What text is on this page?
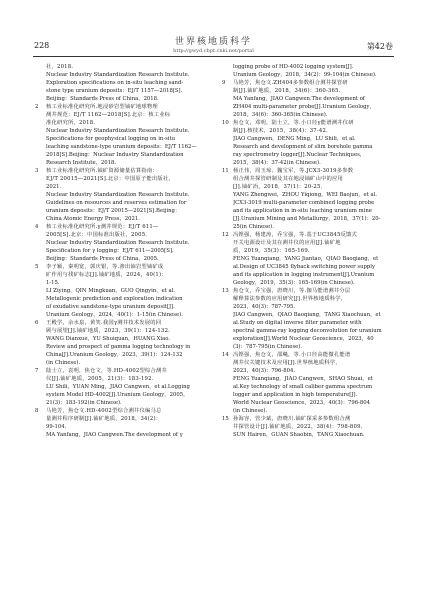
世界核地质科学
228	第42卷
http://gwyd.cbpt.cnki.net/portal
社，2018.
Nuclear Industry Standardization Research Institute.
Exploration specifications on in-situ leaching sand-
stone type uranium deposits：EJ/T 1157—2018[S].
Beijing：Standards Press of China，2018.
2 核工业标准化研究所.地浸砂岩型铀矿地球物理
测井规范：EJ/T 1162—2018[S].北京：核工业标
准化研究所，2018.
Nuclear Industry Standardization Research Institute.
Specifications for geophysical logging on in-situ
leaching sandstone-type uranium deposits：EJ/T 1162—
2018[S].Beijing：Nuclear Industry Standardization
Research Institute，2018.
3 核工业标准化研究所.铀矿资源储量估算指南：
EJ/T 20015—2021[S].北京：中国原子能出版社，
2021.
Nuclear Industry Standardization Research Institute.
Guidelines on resources and reserves estimation for
uranium deposits：EJ/T 20015—2021[S].Beijing：
China Atomic Energy Press，2021.
4 核工业标准化研究所.γ测井规范：EJ/T 611—
2005[S].北京：中国标准出版社，2005.
Nuclear Industry Standardization Research Institute.
Specification for γ logging：EJ/T 611—2005[S].
Beijing：Standards Press of China，2005.
5 李子颖，秦明宽，郭庆银，等.渗出铀岩型铀矿成
矿作用与找矿标志[J].铀矿地质，2024，40(1)：
1-15.
LI Ziying，QIN Mingkuan，GUO Qingyin，et al.
Metallogenic prediction and exploration indication
of exudative sandstone-type uranium deposit[J].
Uranium Geology，2024，40(1)：1-15(in Chinese).
6 王殿学，余水泉，黄笑.我国γ测井技术发展的回
顾与展望[J].铀矿地质，2023，39(1)：124-132.
WANG Dianxue，YU Shuiquan，HUANG Xiao.
Review and prospect of gamma logging technology in
China[J].Uranium Geology，2023，39(1)：124-132
(in Chinese).
7 陆士立，袁明，焦仓文，等.HD-4002型综合测井
仪[J].铀矿地质，2005，21(3)：183-192.
LU Shili，YUAN Ming，JIAO Cangwen，et al.Logging
system Model HD-4002[J].Uranium Geology，2005，
21(3)：183-192(in Chinese).
8 马艳芳，焦仓文.HD-4002型综合测井仪编马总
量测井程序研制[J].铀矿地质，2018，34(2)：
99-104.
MA Yanfang，JIAO Cangwen.The development of γ
logging probe of HD-4002 logging system[J].
Uranium Geology，2018，34(2)：99-104(in Chinese).
9 马艳芳，焦仓文.ZH404多参数组合测井探管研
制[J].铀矿地质，2018，34(6)：360-365.
MA Yanfang，JIAO Cangwen.The development of
ZH404 multi-parameter probe[J].Uranium Geology，
2018，34(6)：360-365(in Chinese).
10 焦仓文，邓明，陆士立，等.小口径γ能谱测井仪研
制[J].核技术，2015，38(4)：37-42.
JIAO Cangwen，DENG Ming，LU Shili，et al.
Research and development of slim borehole gamma
ray spectrometry logger[J].Nuclear Techniques，
2015，38(4)：37-42(in Chinese).
11 杨正伟，周玉琼，魏宝军，等.JCX3-3019多参数
组合测井探管研制及其在地浸铀矿山中的应用
[J].铀矿冶，2018，37(1)：20-25.
YANG Zhengwei，ZHOU Yiqiong，WEI Baojun，et al.
JCX3-3019 multi-parameter combined logging probe
and its application in in-situ leaching uranium mine
[J].Uranium Mining and Metallurgy，2018，37(1)：20-
25(in Chinese).
12 冯铿强，杨建涛，乔宝强，等.基于UC3845反馈式
开关电源设计及其在测井仪的应用[J].铀矿地
质，2019，35(3)：165-169.
FENG Yuanqiang，YANG Jiantao，QIAO Baoqiang，et
al.Design of UC3845 flyback switching power supply
and its application in logging instrument[J].Uranium
Geology，2019，35(3)：165-169(in Chinese).
13 焦仓文，乔宝强，唐晓川，等.伽马能谱测井分层
解释算法参数的应用研究[J].世界核地质科学，
2023，40(3)：787-795.
JIAO Cangwen，QIAO Baoqiang，TANG Xiaochuan，et
al.Study on digital inverse filter parameter with
spectral gamma-ray logging deconvolution for uranium
exploration[J].World Nuclear Geoscience，2023，40
(3)：787-795(in Chinese).
14 冯铿强，焦仓文，邵飚，等.小口径高能微孔能谱
测井仪关键技术及应用[J].世界核地质科学，
2023，40(3)：796-804.
FENG Yuanqiang，JIAO Cangwen，SHAO Shuai，et
al.Key technology of small caliber gamma spectrum
logger and application in high temperature[J].
World Nuclear Geoscience，2023，40(3)：796-804
(in Chinese).
15 孙海容，管少斌，唐晓川.铀矿探采多参数组合测
井探管设计[J].铀矿地质，2022，38(4)：798-809.
SUN Hairen，GUAN Shaobin，TANG Xiaochuan.
